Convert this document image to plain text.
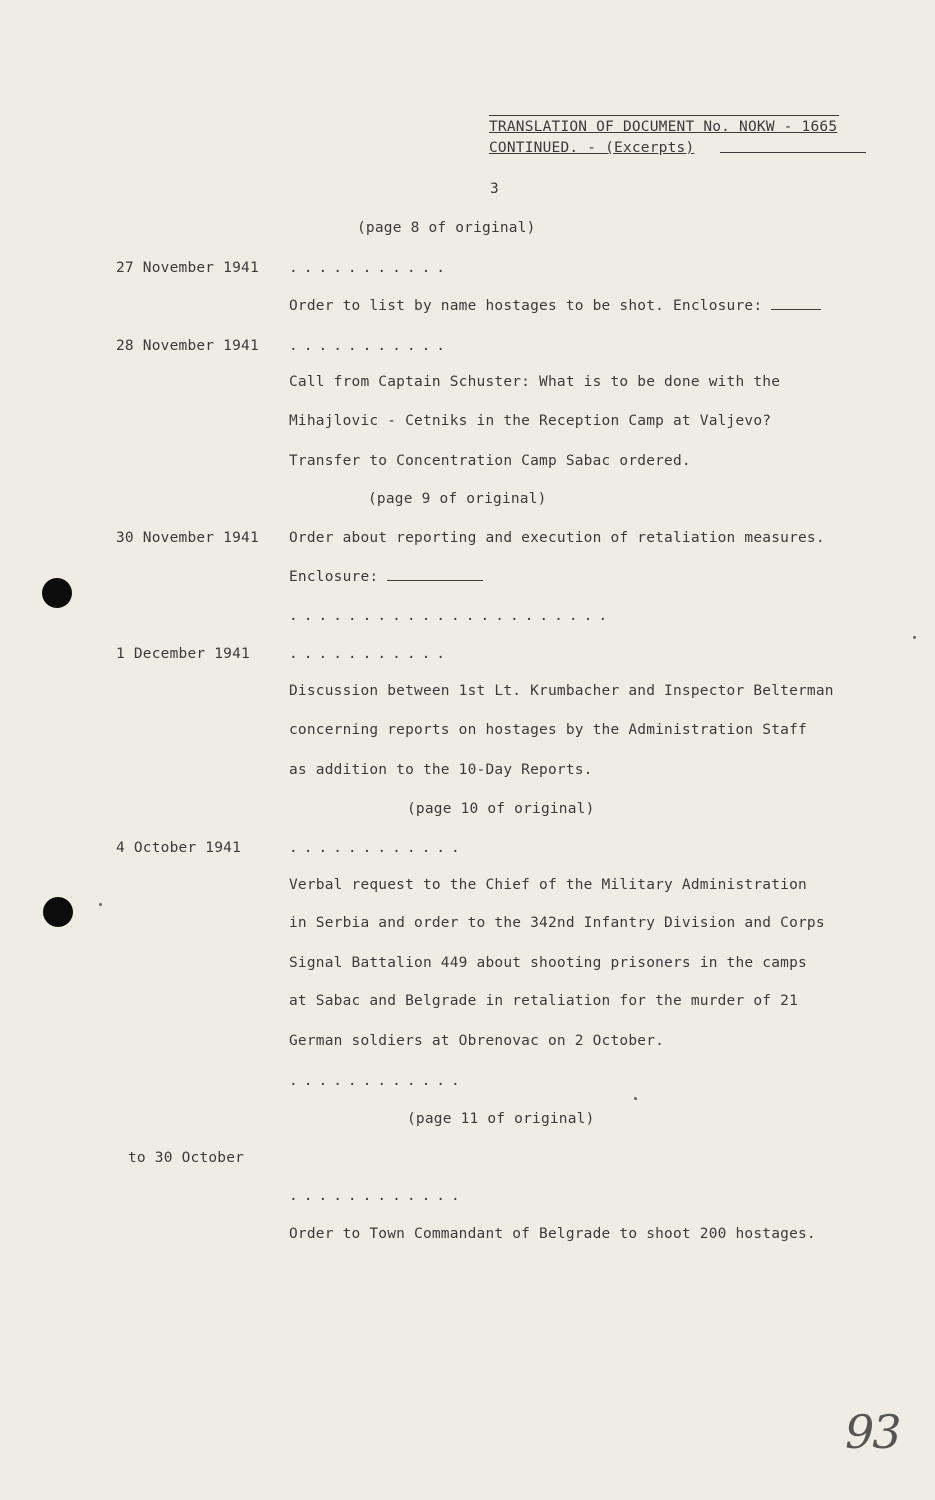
TRANSLATION OF DOCUMENT No. NOKW - 1665
CONTINUED. - (Excerpts)
3
(page 8 of original)
27 November 1941 ...........
Order to list by name hostages to be shot. Enclosure:
28 November 1941 ...........
Call from Captain Schuster: What is to be done with the
Mihajlovic - Cetniks in the Reception Camp at Valjevo?
Transfer to Concentration Camp Sabac ordered.
(page 9 of original)
30 November 1941 Order about reporting and execution of retaliation measures.
Enclosure:
......................
1 December 1941	...........
Discussion between 1st Lt. Krumbacher and Inspector Belterman
concerning reports on hostages by the Administration Staff
as addition to the 10-Day Reports.
(page 10 of original)
4 October 1941	............
Verbal request to the Chief of the Military Administration
in Serbia and order to the 342nd Infantry Division and Corps
Signal Battalion 449 about shooting prisoners in the camps
at Sabac and Belgrade in retaliation for the murder of 21
German soldiers at Obrenovac on 2 October.
............
(page 11 of original)
to 30 October
............
Order to Town Commandant of Belgrade to shoot 200 hostages.
93
